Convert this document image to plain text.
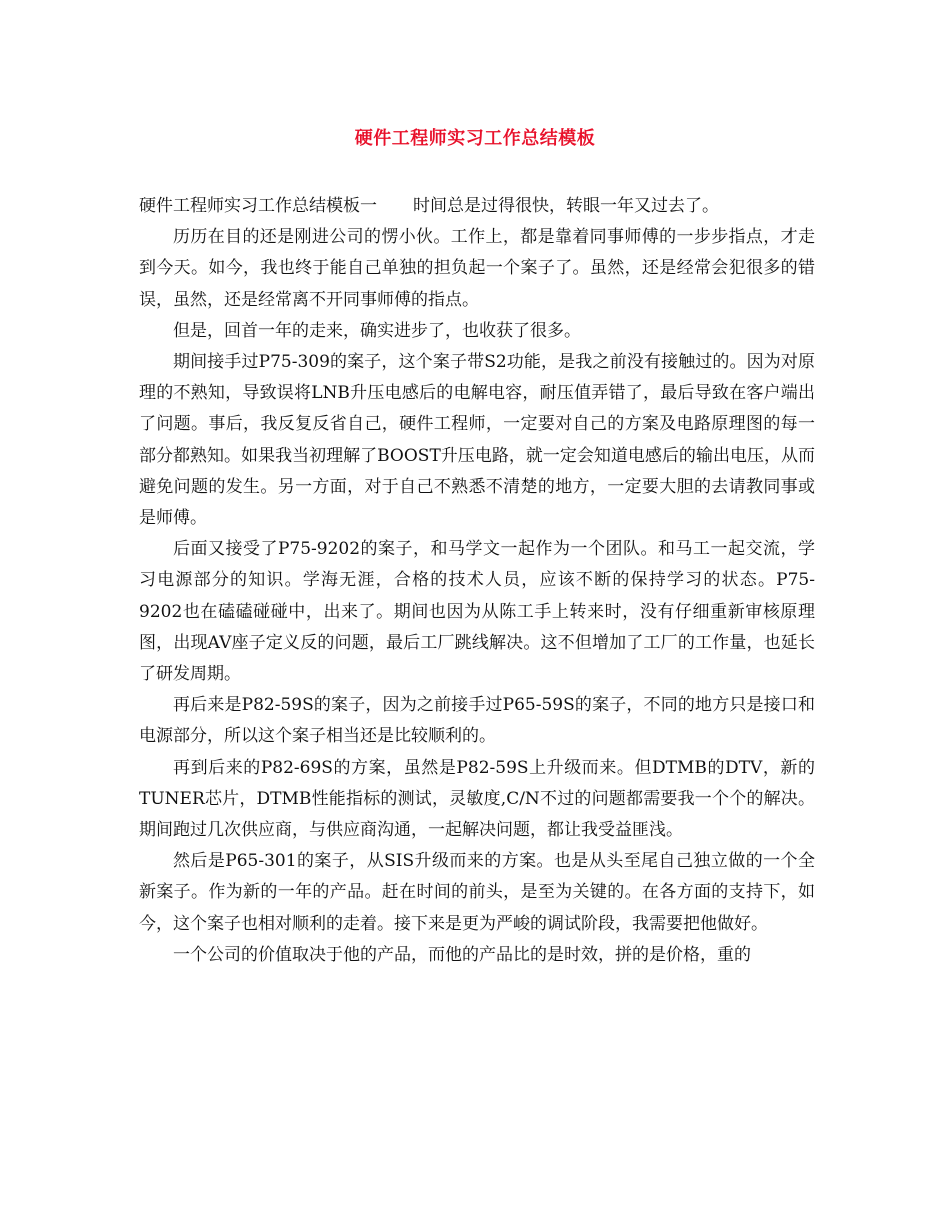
硬件工程师实习工作总结模板

硬件工程师实习工作总结模板一 时间总是过得很快，转眼一年又过去了。

历历在目的还是刚进公司的愣小伙。工作上，都是靠着同事师傅的一步步指点，才走到今天。如今，我也终于能自己单独的担负起一个案子了。虽然，还是经常会犯很多的错误，虽然，还是经常离不开同事师傅的指点。

但是，回首一年的走来，确实进步了，也收获了很多。

期间接手过P75-309的案子，这个案子带S2功能，是我之前没有接触过的。因为对原理的不熟知，导致误将LNB升压电感后的电解电容，耐压值弄错了，最后导致在客户端出了问题。事后，我反复反省自己，硬件工程师，一定要对自己的方案及电路原理图的每一部分都熟知。如果我当初理解了BOOST升压电路，就一定会知道电感后的输出电压，从而避免问题的发生。另一方面，对于自己不熟悉不清楚的地方，一定要大胆的去请教同事或是师傅。

后面又接受了P75-9202的案子，和马学文一起作为一个团队。和马工一起交流，学习电源部分的知识。学海无涯，合格的技术人员，应该不断的保持学习的状态。P75-9202也在磕磕碰碰中，出来了。期间也因为从陈工手上转来时，没有仔细重新审核原理图，出现AV座子定义反的问题，最后工厂跳线解决。这不但增加了工厂的工作量，也延长了研发周期。

再后来是P82-59S的案子，因为之前接手过P65-59S的案子，不同的地方只是接口和电源部分，所以这个案子相当还是比较顺利的。

再到后来的P82-69S的方案，虽然是P82-59S上升级而来。但DTMB的DTV，新的TUNER芯片，DTMB性能指标的测试，灵敏度,C/N不过的问题都需要我一个个的解决。期间跑过几次供应商，与供应商沟通，一起解决问题，都让我受益匪浅。

然后是P65-301的案子，从SIS升级而来的方案。也是从头至尾自己独立做的一个全新案子。作为新的一年的产品。赶在时间的前头，是至为关键的。在各方面的支持下，如今，这个案子也相对顺利的走着。接下来是更为严峻的调试阶段，我需要把他做好。

一个公司的价值取决于他的产品，而他的产品比的是时效，拼的是价格，重的
